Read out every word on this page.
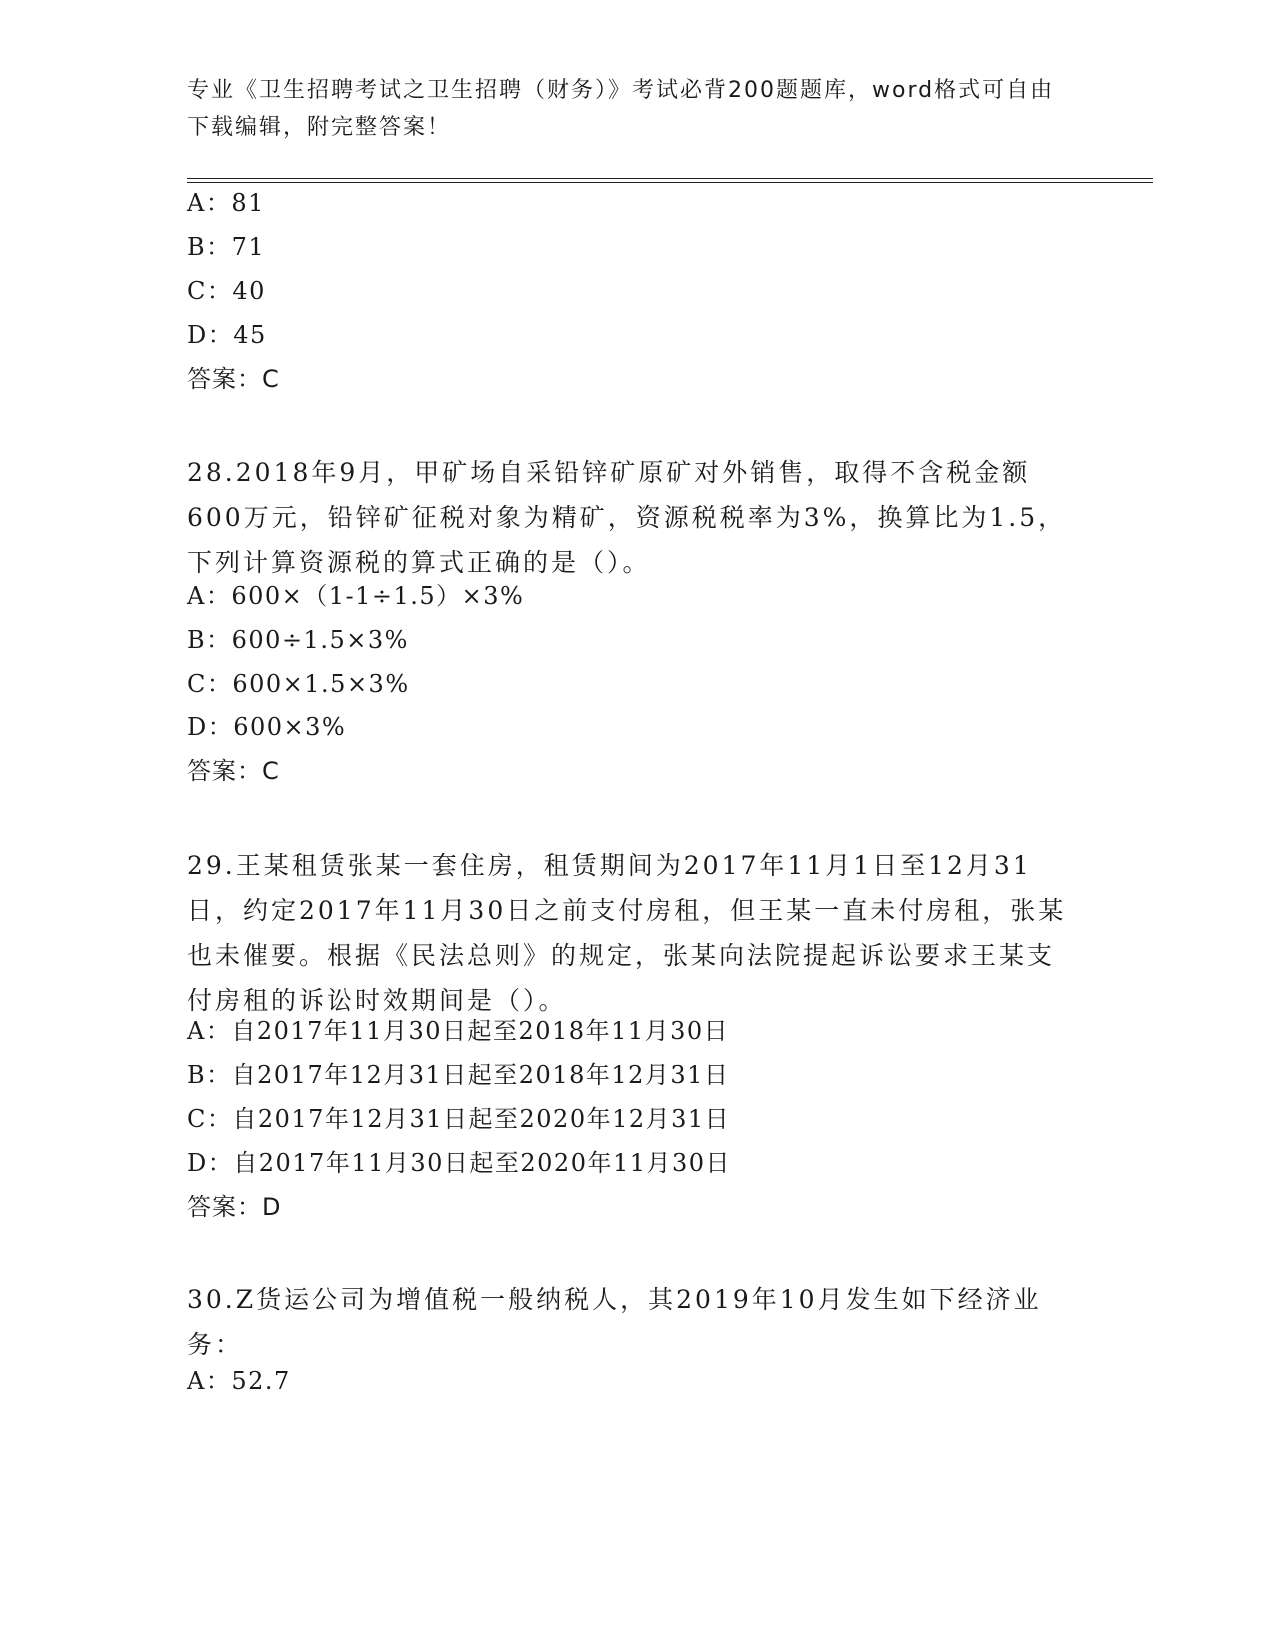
专业《卫生招聘考试之卫生招聘（财务）》考试必背200题题库，word格式可自由下载编辑，附完整答案！
A：81
B：71
C：40
D：45
答案：C
28.2018年9月，甲矿场自采铅锌矿原矿对外销售，取得不含税金额600万元，铅锌矿征税对象为精矿，资源税税率为3%，换算比为1.5，下列计算资源税的算式正确的是（）。
A：600×（1-1÷1.5）×3%
B：600÷1.5×3%
C：600×1.5×3%
D：600×3%
答案：C
29.王某租赁张某一套住房，租赁期间为2017年11月1日至12月31日，约定2017年11月30日之前支付房租，但王某一直未付房租，张某也未催要。根据《民法总则》的规定，张某向法院提起诉讼要求王某支付房租的诉讼时效期间是（）。
A：自2017年11月30日起至2018年11月30日
B：自2017年12月31日起至2018年12月31日
C：自2017年12月31日起至2020年12月31日
D：自2017年11月30日起至2020年11月30日
答案：D
30.Z货运公司为增值税一般纳税人，其2019年10月发生如下经济业务：
A：52.7
